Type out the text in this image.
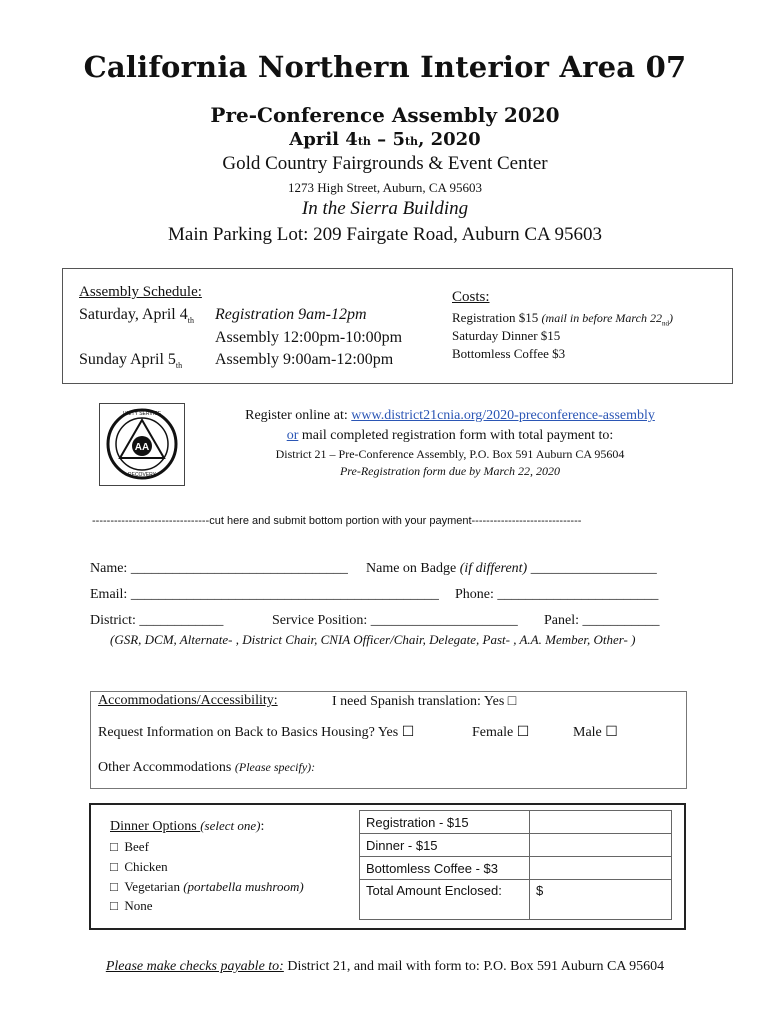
California Northern Interior Area 07
Pre-Conference Assembly 2020
April 4th – 5th, 2020
Gold Country Fairgrounds & Event Center
1273 High Street, Auburn, CA 95603
In the Sierra Building
Main Parking Lot: 209 Fairgate Road, Auburn CA 95603
Assembly Schedule:
Saturday, April $4_{th}$ Registration 9am-12pm
Assembly 12:00pm-10:00pm
Sunday April $5_{th}$ Assembly 9:00am-12:00pm
Costs:
Registration $15 (mail in before March $22_{nd}$)
Saturday Dinner $15
Bottomless Coffee $3
AA
UNITY SERVICE
RECOVERY
Register online at: www.district21cnia.org/2020-preconference-assembly
or mail completed registration form with total payment to:
District 21 – Pre-Conference Assembly, P.O. Box 591 Auburn CA 95604
Pre-Registration form due by March 22, 2020
--------------------------------cut here and submit bottom portion with your payment------------------------------
Name: _______________________________ Name on Badge (if different) __________________
Email: ____________________________________________ Phone: _______________________
District: ____________	Service Position: _____________________ Panel: ___________
(GSR, DCM, Alternate- , District Chair, CNIA Officer/Chair, Delegate, Past- , A.A. Member, Other- )
Accommodations/Accessibility:	I need Spanish translation: Yes □
Request Information on Back to Basics Housing? Yes ☐	Female ☐	Male ☐
Other Accommodations (Please specify):
Dinner Options (select one):
□ Beef
□ Chicken
□ Vegetarian (portabella mushroom)
□ None
Registration - $15	
Dinner - $15	
Bottomless Coffee - $3	
Total Amount Enclosed:	$
Please make checks payable to: District 21, and mail with form to: P.O. Box 591 Auburn CA 95604
